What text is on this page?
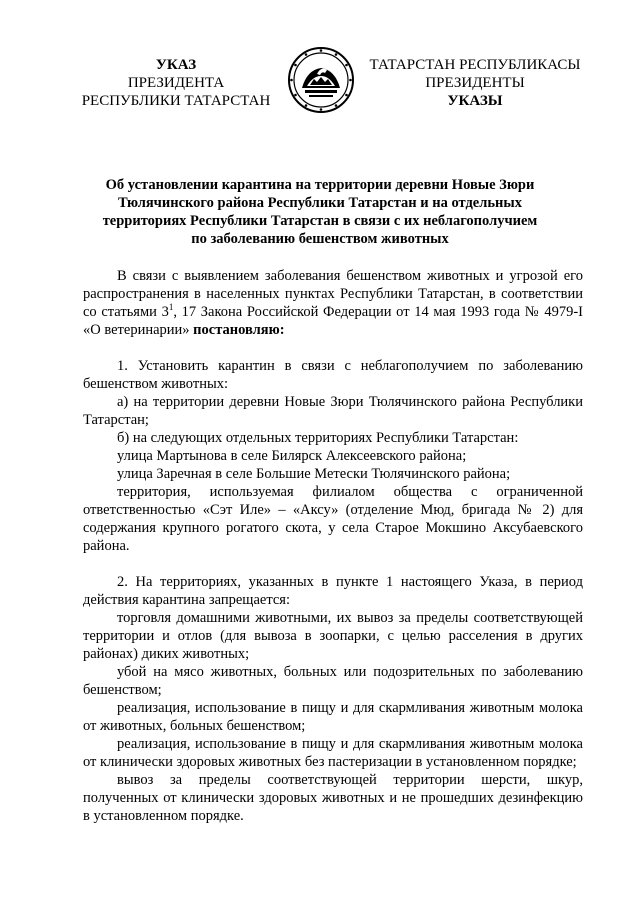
УКАЗ
ПРЕЗИДЕНТА
РЕСПУБЛИКИ ТАТАРСТАН
ТАТАРСТАН РЕСПУБЛИКАСЫ
ПРЕЗИДЕНТЫ
УКАЗЫ
Об установлении карантина на территории деревни Новые Зюри
Тюлячинского района Республики Татарстан и на отдельных
территориях Республики Татарстан в связи с их неблагополучием
по заболеванию бешенством животных

В связи с выявлением заболевания бешенством животных и угрозой его распространения в населенных пунктах Республики Татарстан, в соответствии со статьями $3^1$, 17 Закона Российской Федерации от 14 мая 1993 года № 4979-I «О ветеринарии» постановляю:

1. Установить карантин в связи с неблагополучием по заболеванию бешенством животных:

а) на территории деревни Новые Зюри Тюлячинского района Республики Татарстан;

б) на следующих отдельных территориях Республики Татарстан:

улица Мартынова в селе Билярск Алексеевского района;

улица Заречная в селе Большие Метески Тюлячинского района;

территория, используемая филиалом общества с ограниченной ответственностью «Сэт Иле» – «Аксу» (отделение Мюд, бригада № 2) для содержания крупного рогатого скота, у села Старое Мокшино Аксубаевского района.

2. На территориях, указанных в пункте 1 настоящего Указа, в период действия карантина запрещается:

торговля домашними животными, их вывоз за пределы соответствующей территории и отлов (для вывоза в зоопарки, с целью расселения в других районах) диких животных;

убой на мясо животных, больных или подозрительных по заболеванию бешенством;

реализация, использование в пищу и для скармливания животным молока от животных, больных бешенством;

реализация, использование в пищу и для скармливания животным молока от клинически здоровых животных без пастеризации в установленном порядке;

вывоз за пределы соответствующей территории шерсти, шкур, полученных от клинически здоровых животных и не прошедших дезинфекцию в установленном порядке.
